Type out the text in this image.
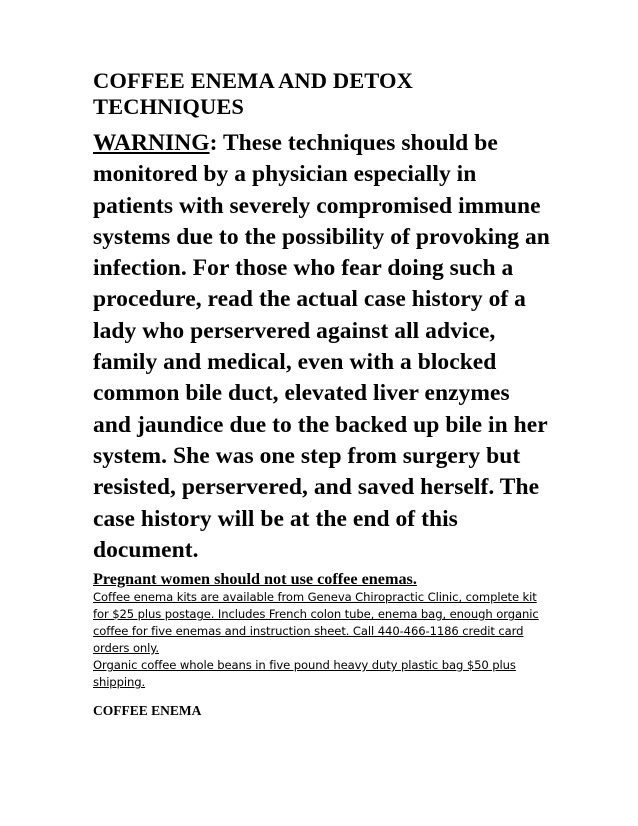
COFFEE ENEMA AND DETOX TECHNIQUES

WARNING: These techniques should be monitored by a physician especially in patients with severely compromised immune systems due to the possibility of provoking an infection. For those who fear doing such a procedure, read the actual case history of a lady who perservered against all advice, family and medical, even with a blocked common bile duct, elevated liver enzymes and jaundice due to the backed up bile in her system. She was one step from surgery but resisted, perservered, and saved herself. The case history will be at the end of this document.

Pregnant women should not use coffee enemas.

Coffee enema kits are available from Geneva Chiropractic Clinic, complete kit for $25 plus postage. Includes French colon tube, enema bag, enough organic coffee for five enemas and instruction sheet. Call 440-466-1186 credit card orders only.
Organic coffee whole beans in five pound heavy duty plastic bag $50 plus shipping.

COFFEE ENEMA
